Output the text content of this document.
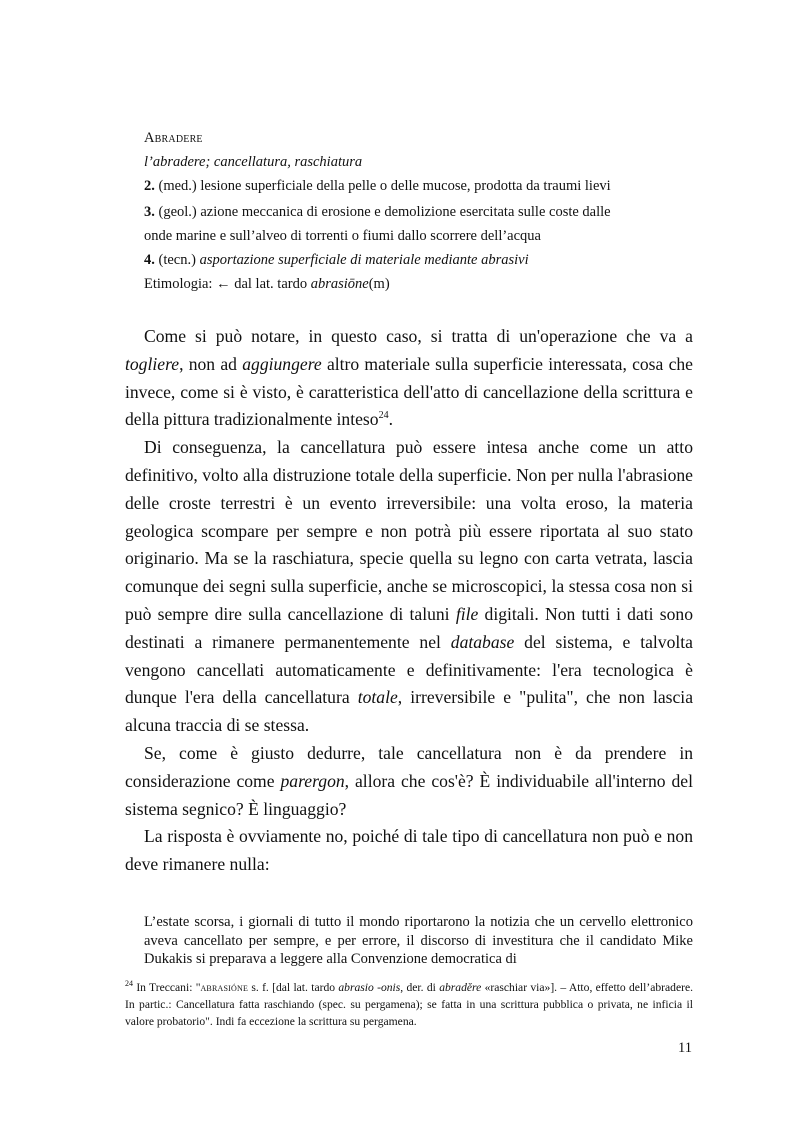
Abradere
l’abradere; cancellatura, raschiatura
2. (med.) lesione superficiale della pelle o delle mucose, prodotta da traumi lievi
3. (geol.) azione meccanica di erosione e demolizione esercitata sulle coste dalle
onde marine e sull’alveo di torrenti o fiumi dallo scorrere dell’acqua
4. (tecn.) asportazione superficiale di materiale mediante abrasivi
Etimologia: ← dal lat. tardo abrasiōne(m)

Come si può notare, in questo caso, si tratta di un'operazione che va a togliere, non ad aggiungere altro materiale sulla superficie interessata, cosa che invece, come si è visto, è caratteristica dell'atto di cancellazione della scrittura e della pittura tradizionalmente inteso$^{24}$.

Di conseguenza, la cancellatura può essere intesa anche come un atto definitivo, volto alla distruzione totale della superficie. Non per nulla l'abrasione delle croste terrestri è un evento irreversibile: una volta eroso, la materia geologica scompare per sempre e non potrà più essere riportata al suo stato originario. Ma se la raschiatura, specie quella su legno con carta vetrata, lascia comunque dei segni sulla superficie, anche se microscopici, la stessa cosa non si può sempre dire sulla cancellazione di taluni file digitali. Non tutti i dati sono destinati a rimanere permanentemente nel database del sistema, e talvolta vengono cancellati automaticamente e definitivamente: l'era tecnologica è dunque l'era della cancellatura totale, irreversibile e "pulita", che non lascia alcuna traccia di se stessa.

Se, come è giusto dedurre, tale cancellatura non è da prendere in considerazione come parergon, allora che cos'è? È individuabile all'interno del sistema segnico? È linguaggio?

La risposta è ovviamente no, poiché di tale tipo di cancellatura non può e non deve rimanere nulla:

L’estate scorsa, i giornali di tutto il mondo riportarono la notizia che un cervello elettronico aveva cancellato per sempre, e per errore, il discorso di investitura che il candidato Mike Dukakis si preparava a leggere alla Convenzione democratica di
$^{24}$ In Treccani: "abrasióne s. f. [dal lat. tardo abrasio -onis, der. di abradĕre «raschiar via»]. – Atto, effetto dell’abradere. In partic.: Cancellatura fatta raschiando (spec. su pergamena); se fatta in una scrittura pubblica o privata, ne inficia il valore probatorio". Indi fa eccezione la scrittura su pergamena.
11
